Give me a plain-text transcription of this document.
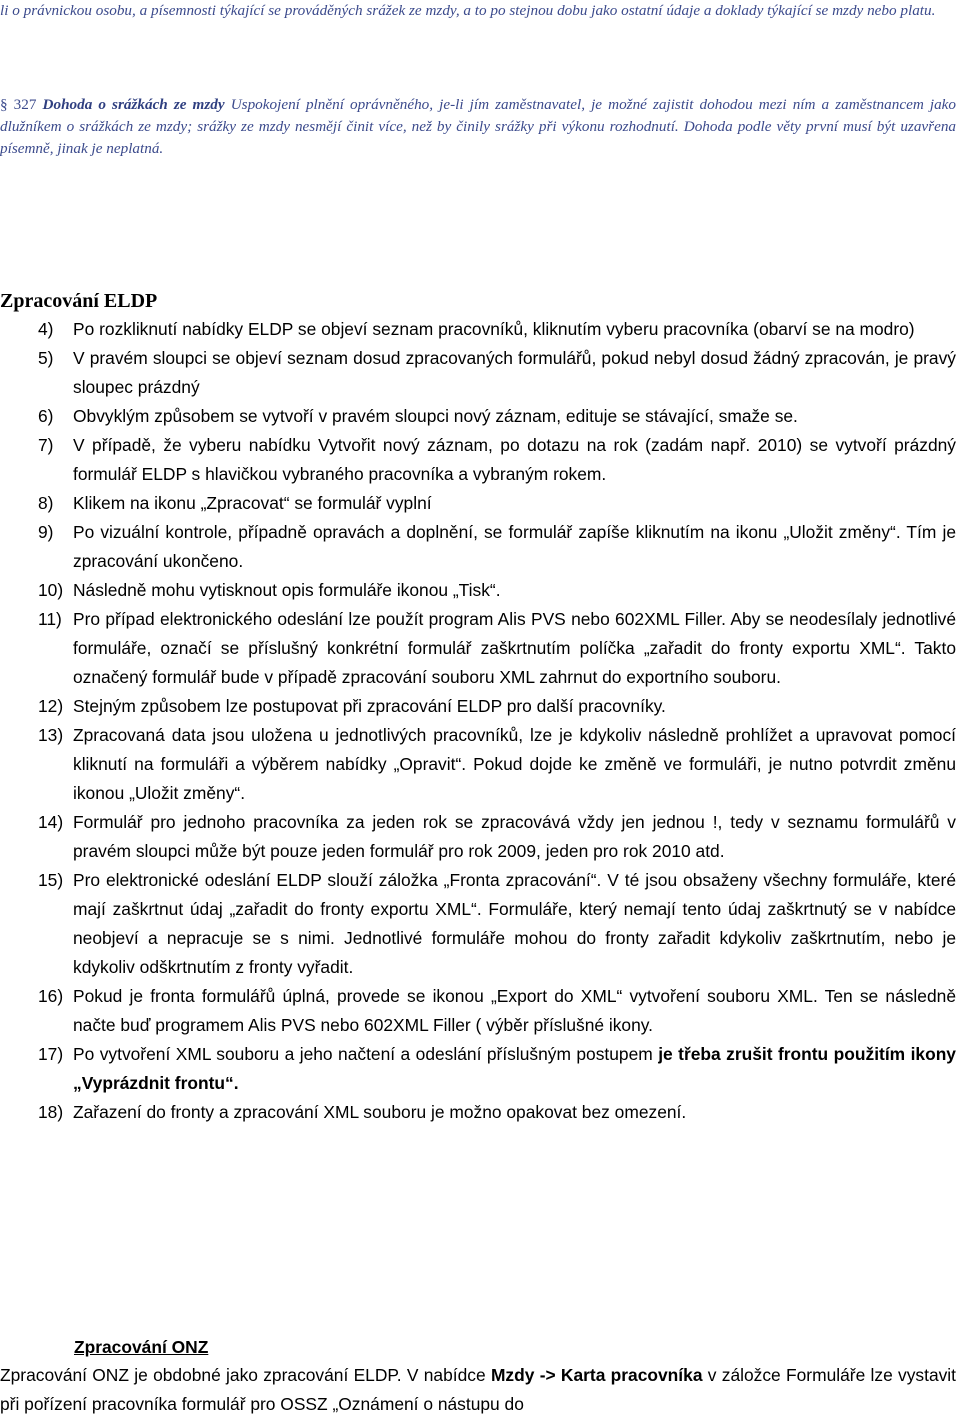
li o právnickou osobu, a písemnosti týkající se prováděných srážek ze mzdy, a to po stejnou dobu jako ostatní údaje a doklady týkající se mzdy nebo platu.
§ 327 Dohoda o srážkách ze mzdy Uspokojení plnění oprávněného, je-li jím zaměstnavatel, je možné zajistit dohodou mezi ním a zaměstnancem jako dlužníkem o srážkách ze mzdy; srážky ze mzdy nesmějí činit více, než by činily srážky při výkonu rozhodnutí. Dohoda podle věty první musí být uzavřena písemně, jinak je neplatná.
Zpracování ELDP
4) Po rozkliknutí nabídky ELDP se objeví seznam pracovníků, kliknutím vyberu pracovníka (obarví se na modro)
5) V pravém sloupci se objeví seznam dosud zpracovaných formulářů, pokud nebyl dosud žádný zpracován, je pravý sloupec prázdný
6) Obvyklým způsobem se vytvoří v pravém sloupci nový záznam, edituje se stávající, smaže se.
7) V případě, že vyberu nabídku Vytvořit nový záznam, po dotazu na rok (zadám např. 2010) se vytvoří prázdný formulář ELDP s hlavičkou vybraného pracovníka a vybraným rokem.
8) Klikem na ikonu „Zpracovat“ se formulář vyplní
9) Po vizuální kontrole, případně opravách a doplnění, se formulář zapíše kliknutím na ikonu „Uložit změny“. Tím je zpracování ukončeno.
10) Následně mohu vytisknout opis formuláře ikonou „Tisk“.
11) Pro případ elektronického odeslání lze použít program Alis PVS nebo 602XML Filler. Aby se neodesílaly jednotlivé formuláře, označí se příslušný konkrétní formulář zaškrtnutím políčka „zařadit do fronty exportu XML“. Takto označený formulář bude v případě zpracování souboru XML zahrnut do exportního souboru.
12) Stejným způsobem lze postupovat při zpracování ELDP pro další pracovníky.
13) Zpracovaná data jsou uložena u jednotlivých pracovníků, lze je kdykoliv následně prohlížet a upravovat pomocí kliknutí na formuláři a výběrem nabídky „Opravit“. Pokud dojde ke změně ve formuláři, je nutno potvrdit změnu ikonou „Uložit změny“.
14) Formulář pro jednoho pracovníka za jeden rok se zpracovává vždy jen jednou !, tedy v seznamu formulářů v pravém sloupci může být pouze jeden formulář pro rok 2009, jeden pro rok 2010 atd.
15) Pro elektronické odeslání ELDP slouží záložka „Fronta zpracování“. V té jsou obsaženy všechny formuláře, které mají zaškrtnut údaj „zařadit do fronty exportu XML“. Formuláře, který nemají tento údaj zaškrtnutý se v nabídce neobjeví a nepracuje se s nimi. Jednotlivé formuláře mohou do fronty zařadit kdykoliv zaškrtnutím, nebo je kdykoliv odškrtnutím z fronty vyřadit.
16) Pokud je fronta formulářů úplná, provede se ikonou „Export do XML“ vytvoření souboru XML. Ten se následně načte buď programem Alis PVS nebo 602XML Filler ( výběr příslušné ikony.
17) Po vytvoření XML souboru a jeho načtení a odeslání příslušným postupem je třeba zrušit frontu použitím ikony „Vyprázdnit frontu“.
18) Zařazení do fronty a zpracování XML souboru je možno opakovat bez omezení.
Zpracování ONZ
Zpracování ONZ je obdobné jako zpracování ELDP. V nabídce Mzdy -> Karta pracovníka v záložce Formuláře lze vystavit při pořízení pracovníka formulář pro OSSZ „Oznámení o nástupu do
